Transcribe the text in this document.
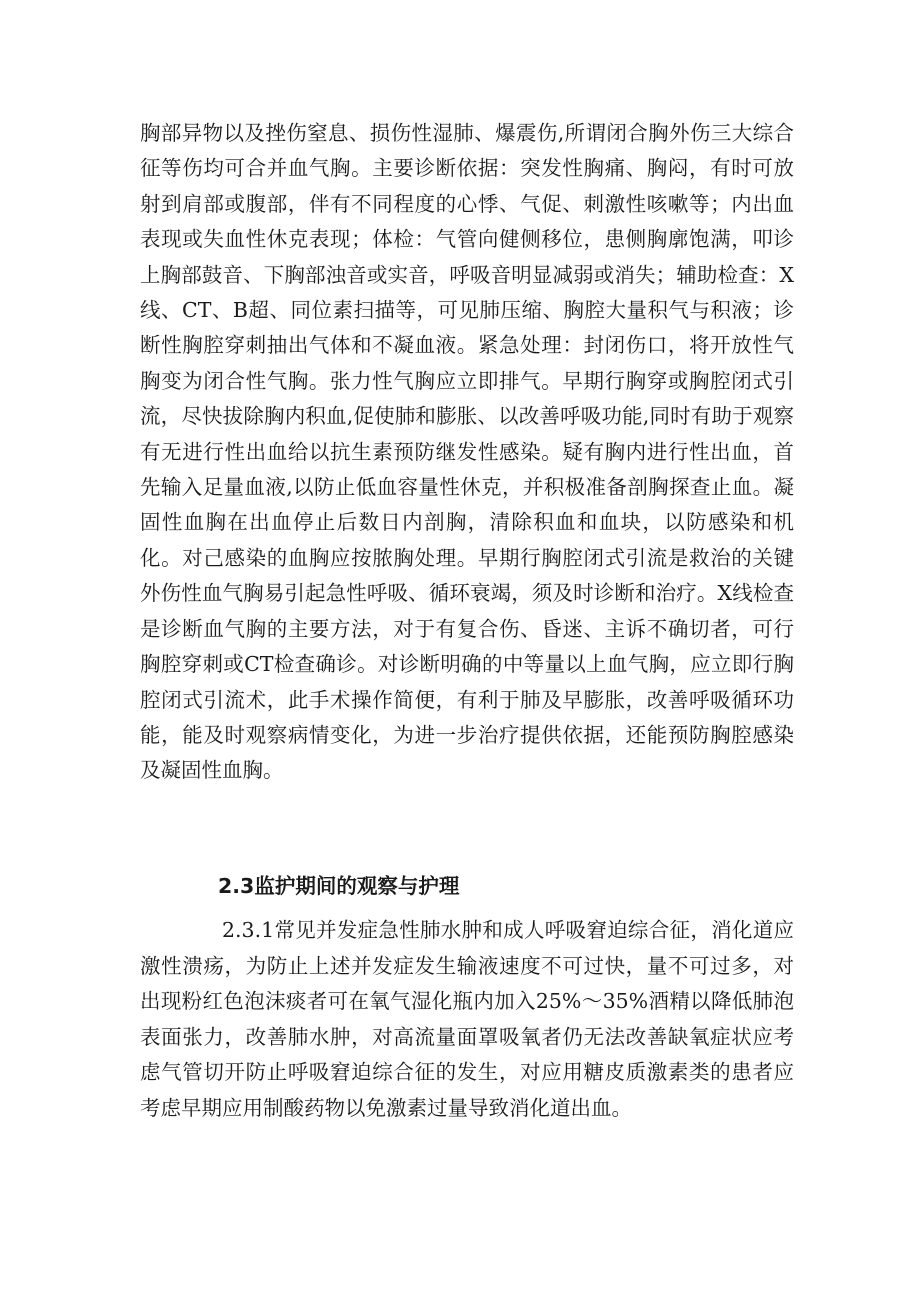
胸部异物以及挫伤窒息、损伤性湿肺、爆震伤,所谓闭合胸外伤三大综合征等伤均可合并血气胸。主要诊断依据：突发性胸痛、胸闷，有时可放射到肩部或腹部，伴有不同程度的心悸、气促、刺激性咳嗽等；内出血表现或失血性休克表现；体检：气管向健侧移位，患侧胸廓饱满，叩诊上胸部鼓音、下胸部浊音或实音，呼吸音明显减弱或消失；辅助检查：X线、CT、B超、同位素扫描等，可见肺压缩、胸腔大量积气与积液；诊断性胸腔穿刺抽出气体和不凝血液。紧急处理：封闭伤口，将开放性气胸变为闭合性气胸。张力性气胸应立即排气。早期行胸穿或胸腔闭式引流，尽快拔除胸内积血,促使肺和膨胀、以改善呼吸功能,同时有助于观察有无进行性出血给以抗生素预防继发性感染。疑有胸内进行性出血，首先输入足量血液,以防止低血容量性休克，并积极准备剖胸探查止血。凝固性血胸在出血停止后数日内剖胸，清除积血和血块，以防感染和机化。对己感染的血胸应按脓胸处理。早期行胸腔闭式引流是救治的关键外伤性血气胸易引起急性呼吸、循环衰竭，须及时诊断和治疗。X线检查是诊断血气胸的主要方法，对于有复合伤、昏迷、主诉不确切者，可行胸腔穿刺或CT检查确诊。对诊断明确的中等量以上血气胸，应立即行胸腔闭式引流术，此手术操作简便，有利于肺及早膨胀，改善呼吸循环功能，能及时观察病情变化，为进一步治疗提供依据，还能预防胸腔感染及凝固性血胸。

2.3监护期间的观察与护理

2.3.1常见并发症急性肺水肿和成人呼吸窘迫综合征，消化道应激性溃疡，为防止上述并发症发生输液速度不可过快，量不可过多，对出现粉红色泡沫痰者可在氧气湿化瓶内加入25%～35%酒精以降低肺泡表面张力，改善肺水肿，对高流量面罩吸氧者仍无法改善缺氧症状应考虑气管切开防止呼吸窘迫综合征的发生，对应用糖皮质激素类的患者应考虑早期应用制酸药物以免激素过量导致消化道出血。
